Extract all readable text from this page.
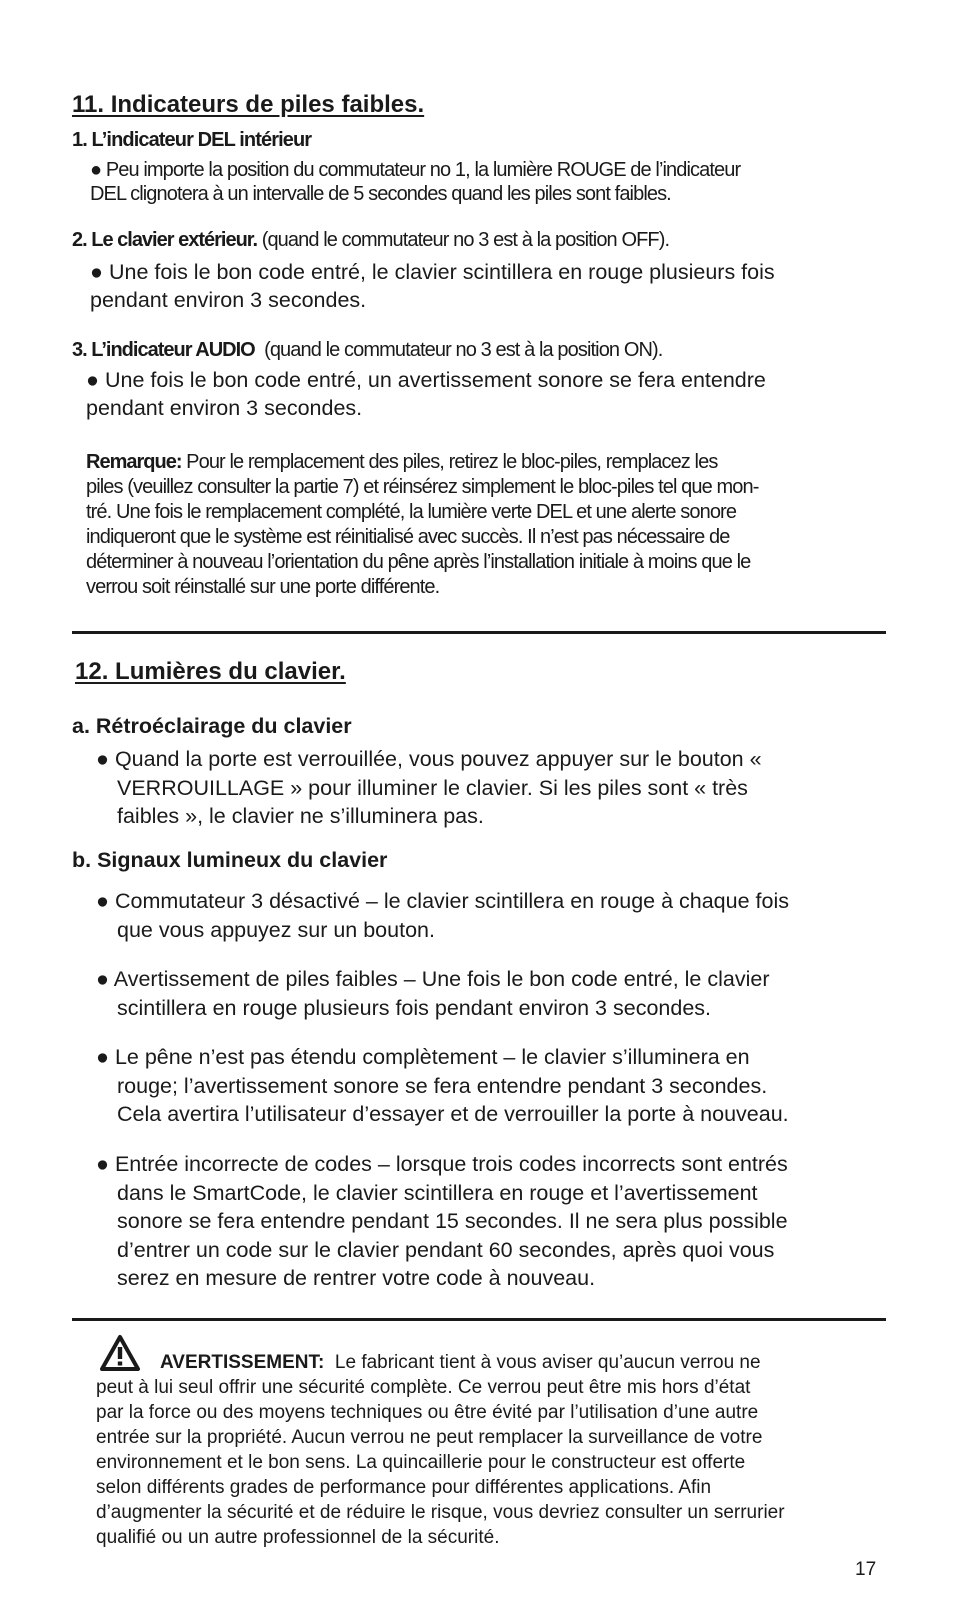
11. Indicateurs de piles faibles.
1. L’indicateur DEL intérieur
● Peu importe la position du commutateur no 1, la lumière ROUGE de l’indicateur
DEL clignotera à un intervalle de 5 secondes quand les piles sont faibles.
2. Le clavier extérieur. (quand le commutateur no 3 est à la position OFF).
● Une fois le bon code entré, le clavier scintillera en rouge plusieurs fois
pendant environ 3 secondes.
3. L’indicateur AUDIO (quand le commutateur no 3 est à la position ON).
● Une fois le bon code entré, un avertissement sonore se fera entendre
pendant environ 3 secondes.
Remarque: Pour le remplacement des piles, retirez le bloc-piles, remplacez les
piles (veuillez consulter la partie 7) et réinsérez simplement le bloc-piles tel que mon-
tré. Une fois le remplacement complété, la lumière verte DEL et une alerte sonore
indiqueront que le système est réinitialisé avec succès. Il n’est pas nécessaire de
déterminer à nouveau l’orientation du pêne après l’installation initiale à moins que le
verrou soit réinstallé sur une porte différente.
12. Lumières du clavier.
a. Rétroéclairage du clavier
● Quand la porte est verrouillée, vous pouvez appuyer sur le bouton «
VERROUILLAGE » pour illuminer le clavier. Si les piles sont « très
faibles », le clavier ne s’illuminera pas.
b. Signaux lumineux du clavier
● Commutateur 3 désactivé – le clavier scintillera en rouge à chaque fois
que vous appuyez sur un bouton.
● Avertissement de piles faibles – Une fois le bon code entré, le clavier
scintillera en rouge plusieurs fois pendant environ 3 secondes.
● Le pêne n’est pas étendu complètement – le clavier s’illuminera en
rouge; l’avertissement sonore se fera entendre pendant 3 secondes.
Cela avertira l’utilisateur d’essayer et de verrouiller la porte à nouveau.
● Entrée incorrecte de codes – lorsque trois codes incorrects sont entrés
dans le SmartCode, le clavier scintillera en rouge et l’avertissement
sonore se fera entendre pendant 15 secondes. Il ne sera plus possible
d’entrer un code sur le clavier pendant 60 secondes, après quoi vous
serez en mesure de rentrer votre code à nouveau.
AVERTISSEMENT: Le fabricant tient à vous aviser qu’aucun verrou ne
peut à lui seul offrir une sécurité complète. Ce verrou peut être mis hors d’état
par la force ou des moyens techniques ou être évité par l’utilisation d’une autre
entrée sur la propriété. Aucun verrou ne peut remplacer la surveillance de votre
environnement et le bon sens. La quincaillerie pour le constructeur est offerte
selon différents grades de performance pour différentes applications. Afin
d’augmenter la sécurité et de réduire le risque, vous devriez consulter un serrurier
qualifié ou un autre professionnel de la sécurité.
17
